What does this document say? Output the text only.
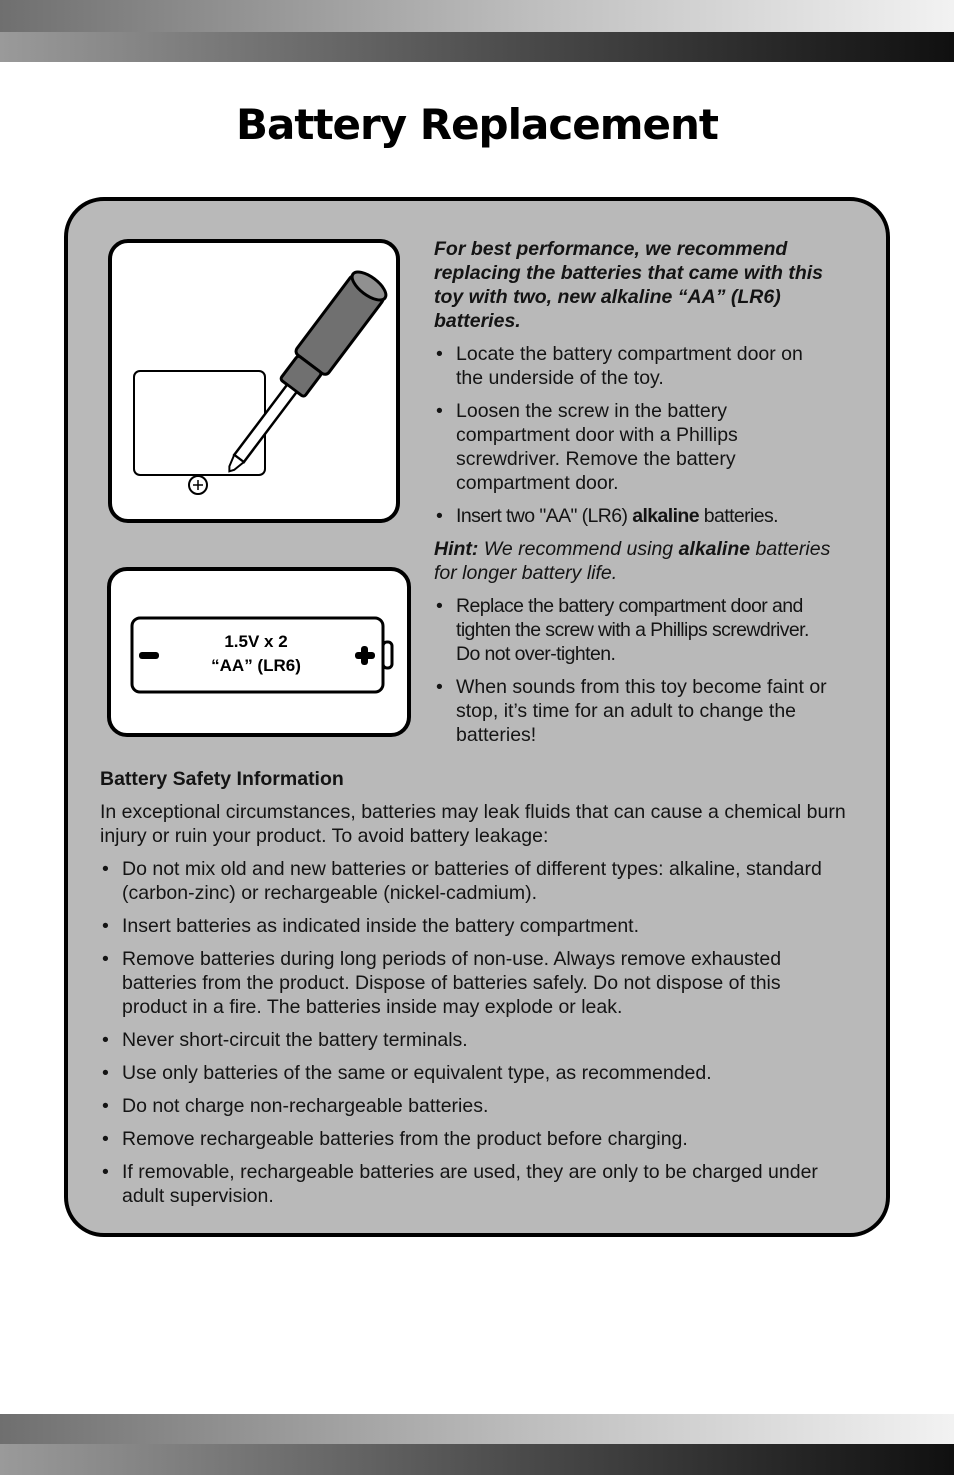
Battery Replacement
1.5V x 2
“AA” (LR6)
For best performance, we recommend replacing the batteries that came with this toy with two, new alkaline “AA” (LR6) batteries.
• Locate the battery compartment door on the underside of the toy.
• Loosen the screw in the battery compartment door with a Phillips screwdriver. Remove the battery compartment door.
• Insert two "AA" (LR6) alkaline batteries.
Hint: We recommend using alkaline batteries for longer battery life.
• Replace the battery compartment door and tighten the screw with a Phillips screwdriver. Do not over-tighten.
• When sounds from this toy become faint or stop, it’s time for an adult to change the batteries!
Battery Safety Information
In exceptional circumstances, batteries may leak fluids that can cause a chemical burn injury or ruin your product. To avoid battery leakage:
• Do not mix old and new batteries or batteries of different types: alkaline, standard (carbon-zinc) or rechargeable (nickel-cadmium).
• Insert batteries as indicated inside the battery compartment.
• Remove batteries during long periods of non-use. Always remove exhausted batteries from the product. Dispose of batteries safely. Do not dispose of this product in a fire. The batteries inside may explode or leak.
• Never short-circuit the battery terminals.
• Use only batteries of the same or equivalent type, as recommended.
• Do not charge non-rechargeable batteries.
• Remove rechargeable batteries from the product before charging.
• If removable, rechargeable batteries are used, they are only to be charged under adult supervision.
